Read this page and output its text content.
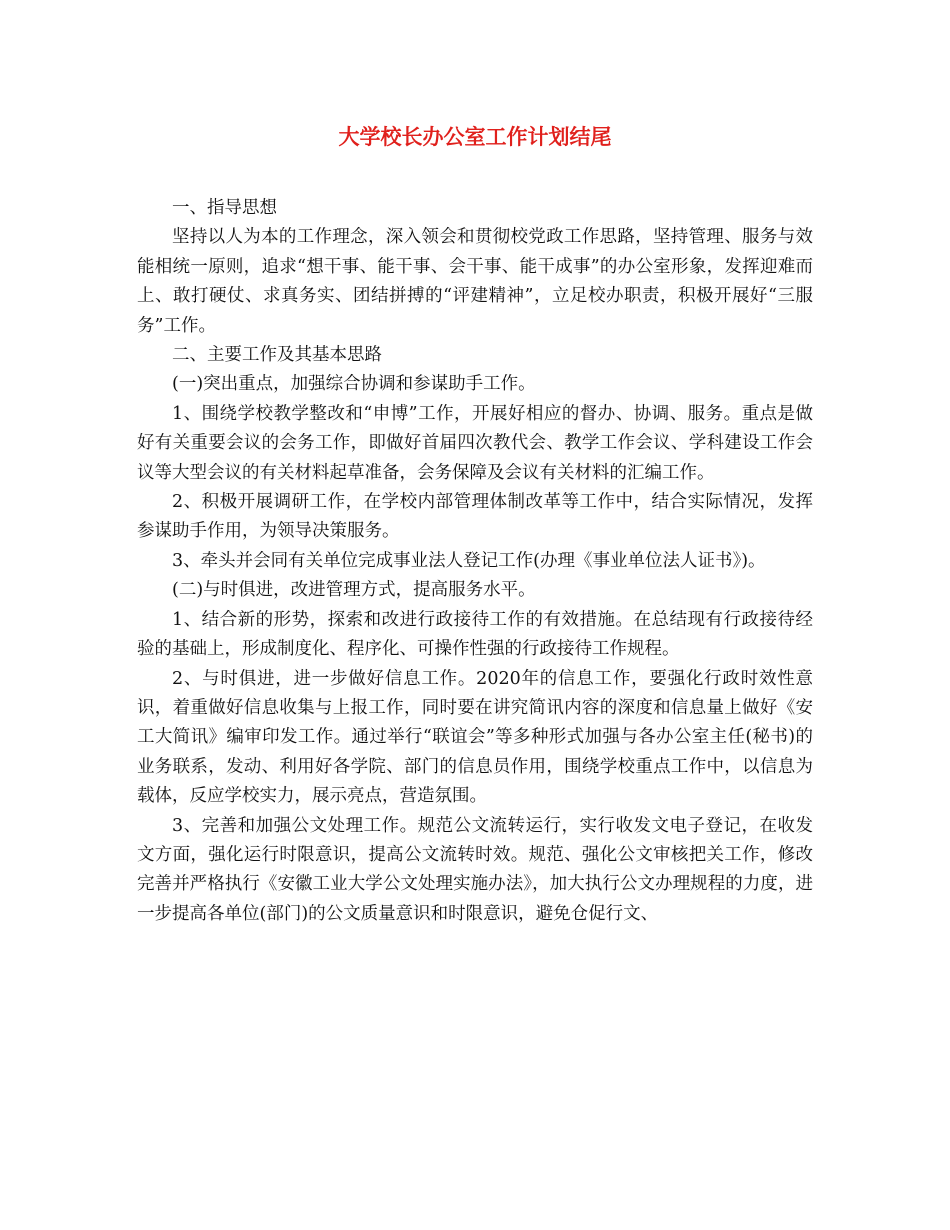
大学校长办公室工作计划结尾

一、指导思想

坚持以人为本的工作理念，深入领会和贯彻校党政工作思路，坚持管理、服务与效能相统一原则，追求“想干事、能干事、会干事、能干成事”的办公室形象，发挥迎难而上、敢打硬仗、求真务实、团结拼搏的“评建精神”，立足校办职责，积极开展好“三服务”工作。

二、主要工作及其基本思路

(一)突出重点，加强综合协调和参谋助手工作。

1、围绕学校教学整改和“申博”工作，开展好相应的督办、协调、服务。重点是做好有关重要会议的会务工作，即做好首届四次教代会、教学工作会议、学科建设工作会议等大型会议的有关材料起草准备，会务保障及会议有关材料的汇编工作。

2、积极开展调研工作，在学校内部管理体制改革等工作中，结合实际情况，发挥参谋助手作用，为领导决策服务。

3、牵头并会同有关单位完成事业法人登记工作(办理《事业单位法人证书》)。

(二)与时俱进，改进管理方式，提高服务水平。

1、结合新的形势，探索和改进行政接待工作的有效措施。在总结现有行政接待经验的基础上，形成制度化、程序化、可操作性强的行政接待工作规程。

2、与时俱进，进一步做好信息工作。2020年的信息工作，要强化行政时效性意识，着重做好信息收集与上报工作，同时要在讲究简讯内容的深度和信息量上做好《安工大简讯》编审印发工作。通过举行“联谊会”等多种形式加强与各办公室主任(秘书)的业务联系，发动、利用好各学院、部门的信息员作用，围绕学校重点工作中，以信息为载体，反应学校实力，展示亮点，营造氛围。

3、完善和加强公文处理工作。规范公文流转运行，实行收发文电子登记，在收发文方面，强化运行时限意识，提高公文流转时效。规范、强化公文审核把关工作，修改完善并严格执行《安徽工业大学公文处理实施办法》，加大执行公文办理规程的力度，进一步提高各单位(部门)的公文质量意识和时限意识，避免仓促行文、
